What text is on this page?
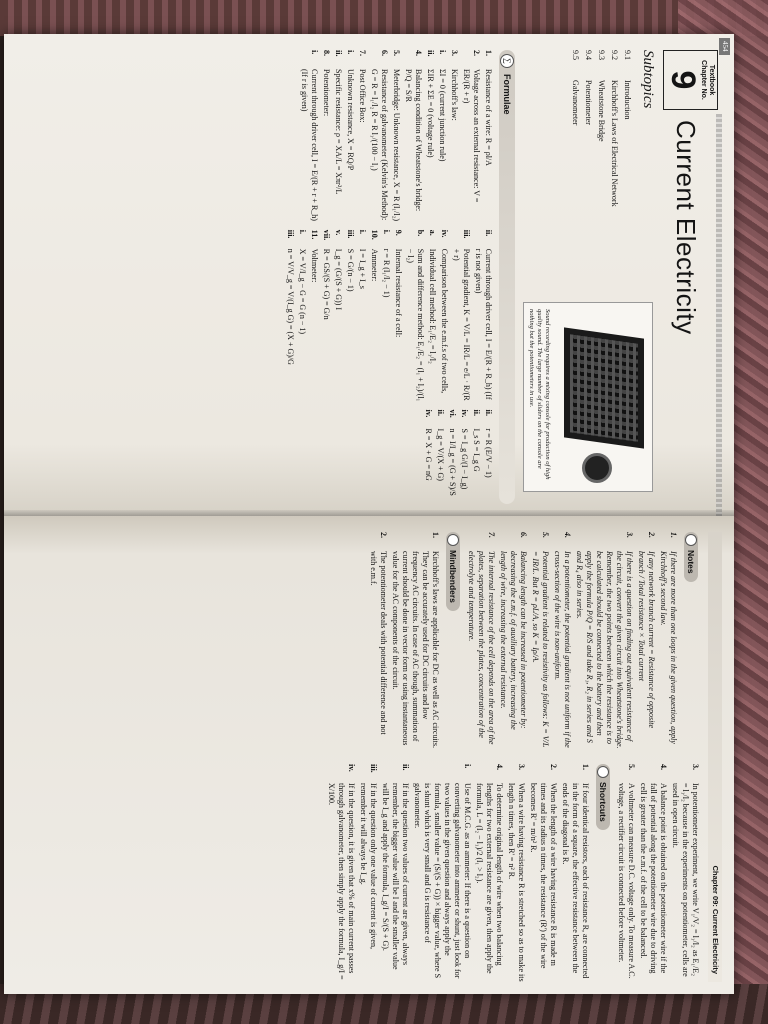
454
Textbook Chapter No.
9
Current Electricity
Subtopics
9.1
Introduction
9.2
Kirchhoff's Laws of Electrical Network
9.3
Wheatstone Bridge
9.4
Potentiometer
9.5
Galvanometer
Sound recording requires a mixing console for production of high quality sound. The large number of sliders on the console are nothing but the potentiometers in use.
∑
Formulae
1.
Resistance of a wire: R = ρl/A
2.
Voltage across an external resistance: V = ER/(R + r)
3.
Kirchhoff's law:
i.
ΣI = 0 (current junction rule)
ii.
ΣIR + ΣE = 0 (voltage rule)
4.
Balancing condition of Wheatstone's bridge: P/Q = S/R
5.
Meterbridge: Unknown resistance, X = R (l₁/l₂)
6.
Resistance of galvanometer (Kelvin's Method): G = R = l₁/l₂ R = R l₁/(100 − l₁)
7.
Post Office Box:
i.
Unknown resistance, X = RQ/P
ii.
Specific resistance: ρ = XA/L = Xπr²/L
8.
Potentiometer:
i.
Current through driver cell, I = E/(R + r + R_h) (If r is given)
ii.
Current through driver cell, I = E/(R + R_h) (If r is not given)
iii.
Potential gradient, K = V/L = IR/L = e/L · R/(R + r)
iv.
Comparison between the e.m.f.s of two cells,
a.
Individual cell method: E₁/E₂ = l₁/l₂
b.
Sum and difference method: E₁/E₂ = (l₁ + l₂)/(l₁ − l₂)
9.
Internal resistance of a cell:
i.
r = R (l₁/l₂ − 1)
10.
Ammeter:
i.
I = I_g + I_s
iii.
S = G/(n − 1)
v.
I_g = (G/(S + G)) I
vii.
R = GS/(S + G) = G/n
11.
Voltmeter:
i.
X = V/I_g − G = G (n − 1)
iii.
n = V/V_g = V/(I_g G) = (X + G)/G
ii.
r = R (E/V − 1)
ii.
I_s S = I_g G
iv.
S = I_g G/(I − I_g)
vi.
n = I/I_g = (G + S)/S
ii.
I_g = V/(X + G)
iv.
R = X + G = nG
Chapter 09: Current Electricity
Notes
1.
If there are more than one loops in the given question, apply Kirchhoff's second law.
2.
If any network branch current = Resistance of opposite branch / Total resistance × Total current
3.
If there is a question on finding out equivalent resistance of the circuit, convert the given circuit into Wheatstone's bridge. Remember, the two points between which the resistance is to be calculated should be connected to the battery and then apply the formula P/Q = R/S and take R₁, R₂ in series and S and R₄ also in series.
4.
In a potentiometer, the potential gradient is not uniform if the cross-section of the wire is non-uniform.
5.
Potential gradient is related to resistivity as follows: K = V/L = IR/L. But R = ρL/A, so K = Iρ/A.
6.
Balancing length can be increased in potentiometer by: decreasing the e.m.f. of auxiliary battery, increasing the length of wire, increasing the external resistance.
7.
The internal resistance of the cell depends on the area of the plates, separation between the plates, concentration of the electrolyte and temperature.
Mindbenders
1.
Kirchhoff's laws are applicable for DC as well as AC circuits. They can be accurately used for DC circuits and low frequency AC circuits. In case of AC though, summation of current should be done in vector form or using instantaneous value for the AC components of the circuit.
2.
The potentiometer deals with potential difference and not with e.m.f.
3.
In potentiometer experiment, we write V₁/V₂ = l₁/l₂ as E₁/E₂ = l₁/l₂ because in the experiments on potentiometer, cells are used in open circuit.
4.
A balance point is obtained on the potentiometer wire if the fall of potential along the potentiometer wire due to driving cell is greater than the e.m.f. of the cell to be balanced.
5.
A voltmeter can measure D.C. voltage only. To measure A.C. voltage, a rectifier circuit is connected before voltmeter.
Shortcuts
1.
If four identical resistors, each of resistance R, are connected in the form of a square, the effective resistance between the ends of the diagonal is R.
2.
When the length of a wire having resistance R is made m times and its radius n times, the resistance (R') of the wire becomes R' = m/n² R.
3.
When a wire having resistance R is stretched so as to make its length n times, then R' = n² R.
4.
To determine original length of wire when two balancing lengths for two external resistance are given, then apply the formula, L = (l₂ − l₁)/2 (l₁ > l₂).
i.
Use of M.C.G. as an ammeter: If there is a question on converting galvanometer into ammeter or shunt, just look for two values in the given question and always apply the formula, smaller value = (S/(S + G)) × bigger value, where S is shunt which is very small and G is resistance of galvanometer.
ii.
If in the question two values of current are given, always remember, the bigger value will be I and the smaller value will be I_g and apply the formula, I_g/I = S/(S + G).
iii.
If in the question only one value of current is given, remember it will always be I_g.
iv.
If in the question, it is given that x% of main current passes through galvanometer, then simply apply the formula, I_g/I = X/100.
